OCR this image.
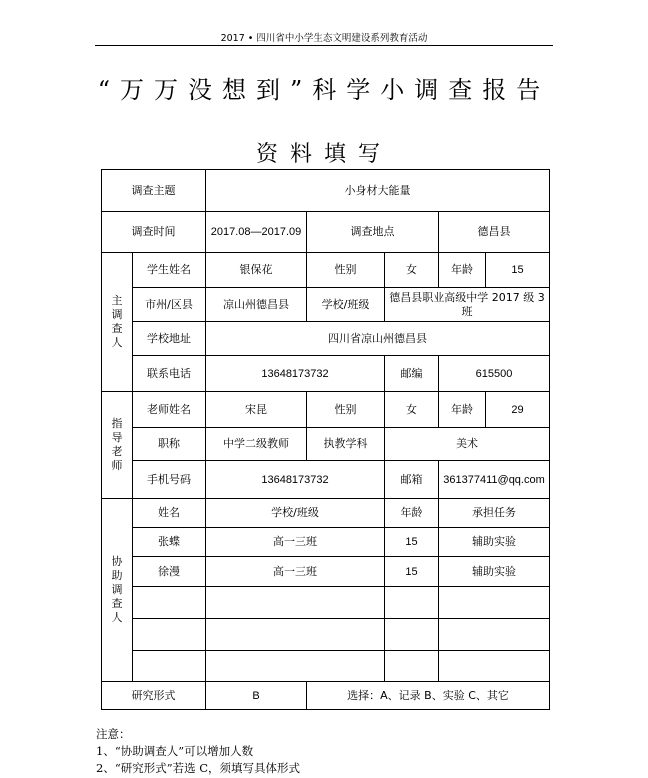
2017 • 四川省中小学生态文明建设系列教育活动
“万万没想到”科学小调查报告
资料填写
调查主题		小身材大能量				
调查时间		2017.08—2017.09	调查地点		德昌县	
主调查人	学生姓名	银保花	性别	女	年龄	15
	市州/区县	凉山州德昌县	学校/班级	德昌县职业高级中学 2017 级 3 班		
	学校地址	四川省凉山州德昌县				
	联系电话	13648173732		邮编	615500	
指导老师	老师姓名	宋昆	性别	女	年龄	29
	职称	中学二级教师	执教学科	美术		
	手机号码	13648173732		邮箱	361377411@qq.com	
协助调查人	姓名	学校/班级		年龄	承担任务	
	张蝶	高一三班		15	辅助实验	
	徐漫	高一三班		15	辅助实验	

研究形式		B	选择：A、记录 B、实验 C、其它			
注意：
1、“协助调查人”可以增加人数
2、“研究形式”若选 C，须填写具体形式
